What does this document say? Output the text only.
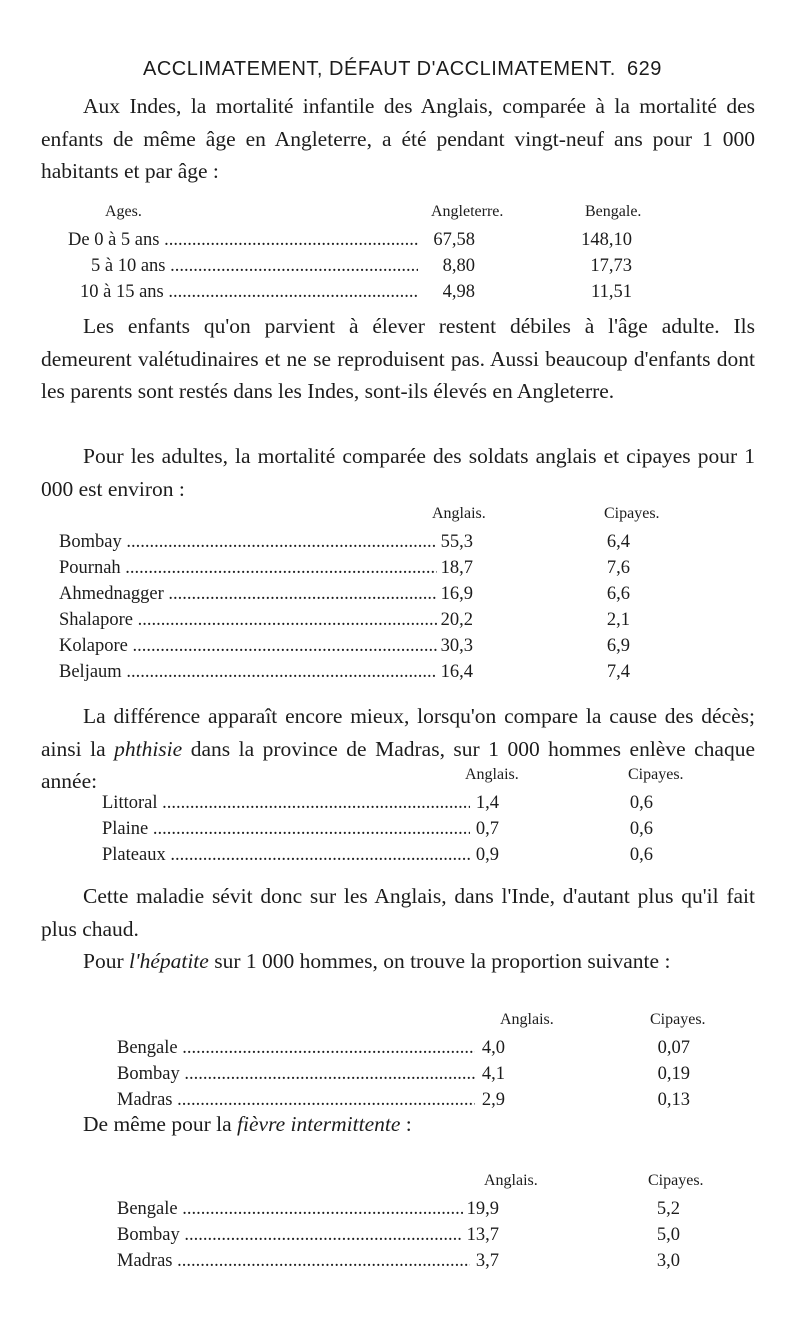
ACCLIMATEMENT, DÉFAUT D'ACCLIMATEMENT. 629

Aux Indes, la mortalité infantile des Anglais, comparée à la mortalité des enfants de même âge en Angleterre, a été pendant vingt-neuf ans pour 1 000 habitants et par âge :

Ages.	Angleterre.	Bengale.
De 0 à 5 ans .....	67,58	148,10
5 à 10 ans .....	8,80	17,73
10 à 15 ans .....	4,98	11,51

Les enfants qu'on parvient à élever restent débiles à l'âge adulte. Ils demeurent valétudinaires et ne se reproduisent pas. Aussi beaucoup d'enfants dont les parents sont restés dans les Indes, sont-ils élevés en Angleterre.

Pour les adultes, la mortalité comparée des soldats anglais et cipayes pour 1 000 est environ :

Anglais.	Cipayes.
Bombay .....	55,3	6,4
Pournah .....	18,7	7,6
Ahmednagger .....	16,9	6,6
Shalapore .....	20,2	2,1
Kolapore .....	30,3	6,9
Beljaum .....	16,4	7,4

La différence apparaît encore mieux, lorsqu'on compare la cause des décès; ainsi la phthisie dans la province de Madras, sur 1 000 hommes enlève chaque année:	Anglais.	Cipayes.
Littoral .....	1,4	0,6
Plaine .....	0,7	0,6
Plateaux .....	0,9	0,6

Cette maladie sévit donc sur les Anglais, dans l'Inde, d'autant plus qu'il fait plus chaud.

Pour l'hépatite sur 1 000 hommes, on trouve la proportion suivante :

Anglais.	Cipayes.
Bengale .....	4,0	0,07
Bombay .....	4,1	0,19
Madras .....	2,9	0,13

De même pour la fièvre intermittente :

Anglais.	Cipayes.
Bengale .....	19,9	5,2
Bombay .....	13,7	5,0
Madras .....	3,7	3,0
